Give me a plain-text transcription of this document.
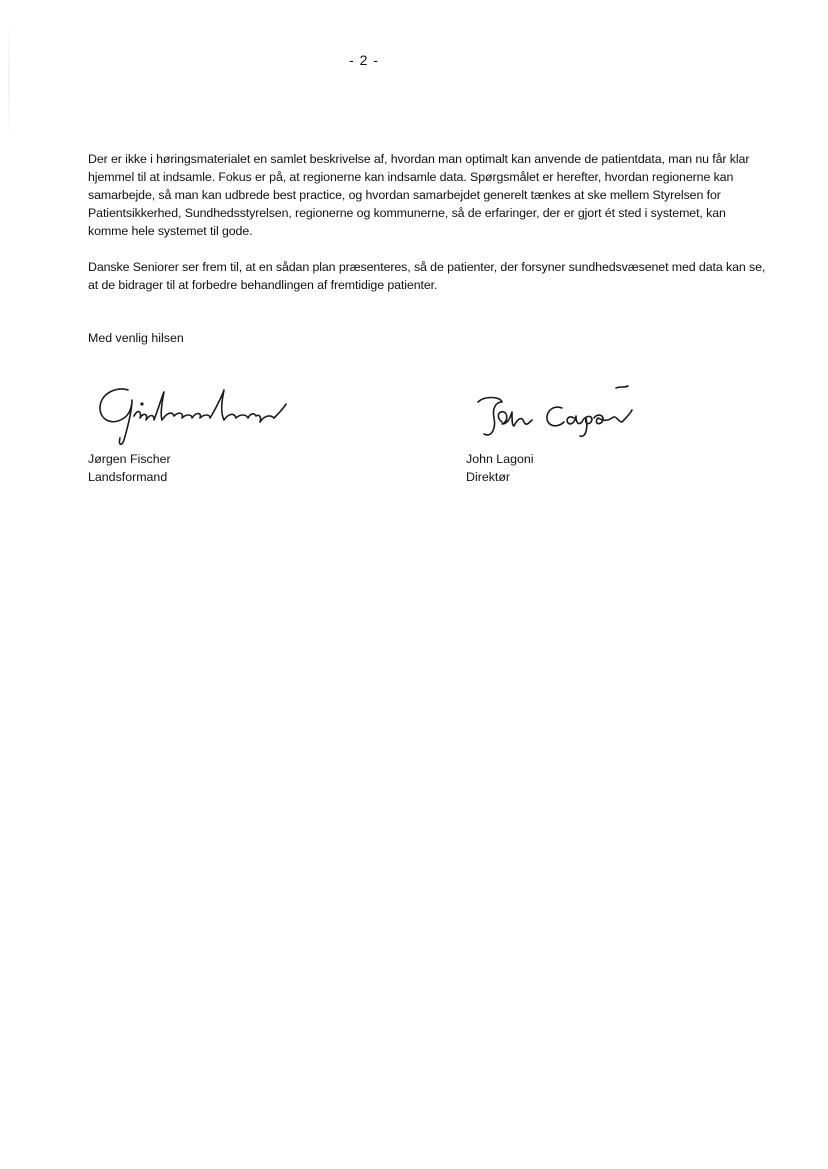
- 2 -

Der er ikke i høringsmaterialet en samlet beskrivelse af, hvordan man optimalt kan anvende de patientdata, man nu får klar hjemmel til at indsamle. Fokus er på, at regionerne kan indsamle data. Spørgsmålet er herefter, hvordan regionerne kan samarbejde, så man kan udbrede best practice, og hvordan samarbejdet generelt tænkes at ske mellem Styrelsen for Patientsikkerhed, Sundhedsstyrelsen, regionerne og kommunerne, så de erfaringer, der er gjort ét sted i systemet, kan komme hele systemet til gode.

Danske Seniorer ser frem til, at en sådan plan præsenteres, så de patienter, der forsyner sundhedsvæsenet med data kan se, at de bidrager til at forbedre behandlingen af fremtidige patienter.

Med venlig hilsen
Jørgen Fischer
Landsformand
John Lagoni
Direktør
